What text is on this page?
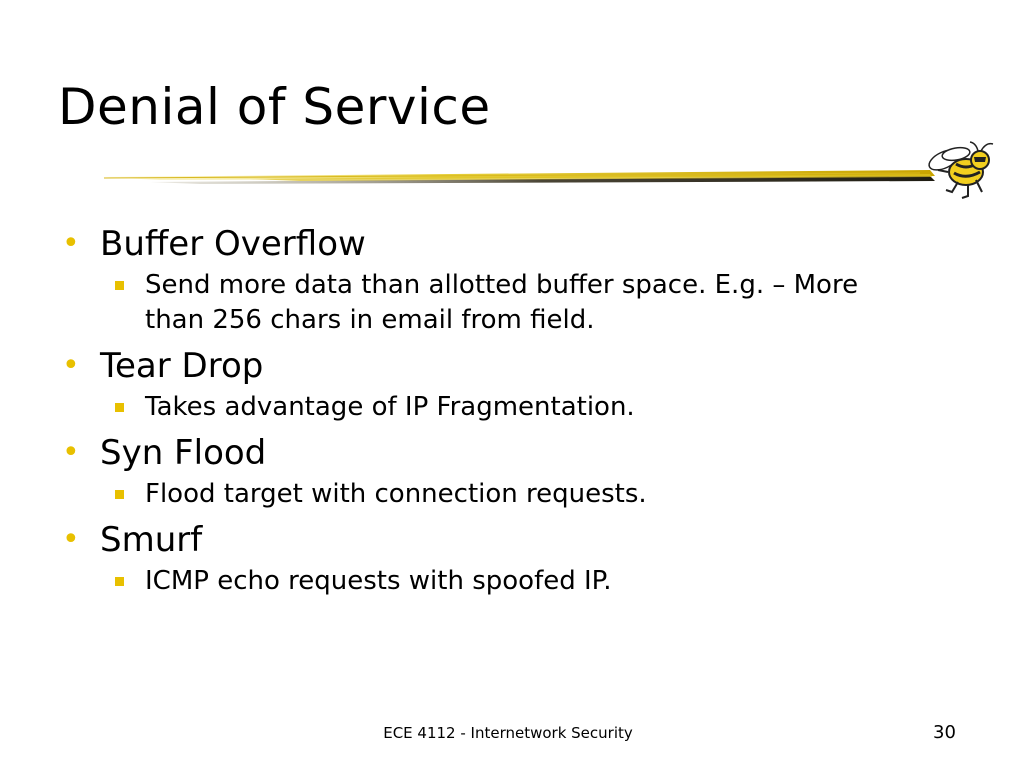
Denial of Service
• Buffer Overflow
Send more data than allotted buffer space. E.g. – More than 256 chars in email from field.
• Tear Drop
Takes advantage of IP Fragmentation.
• Syn Flood
Flood target with connection requests.
• Smurf
ICMP echo requests with spoofed IP.
ECE 4112 - Internetwork Security	30
